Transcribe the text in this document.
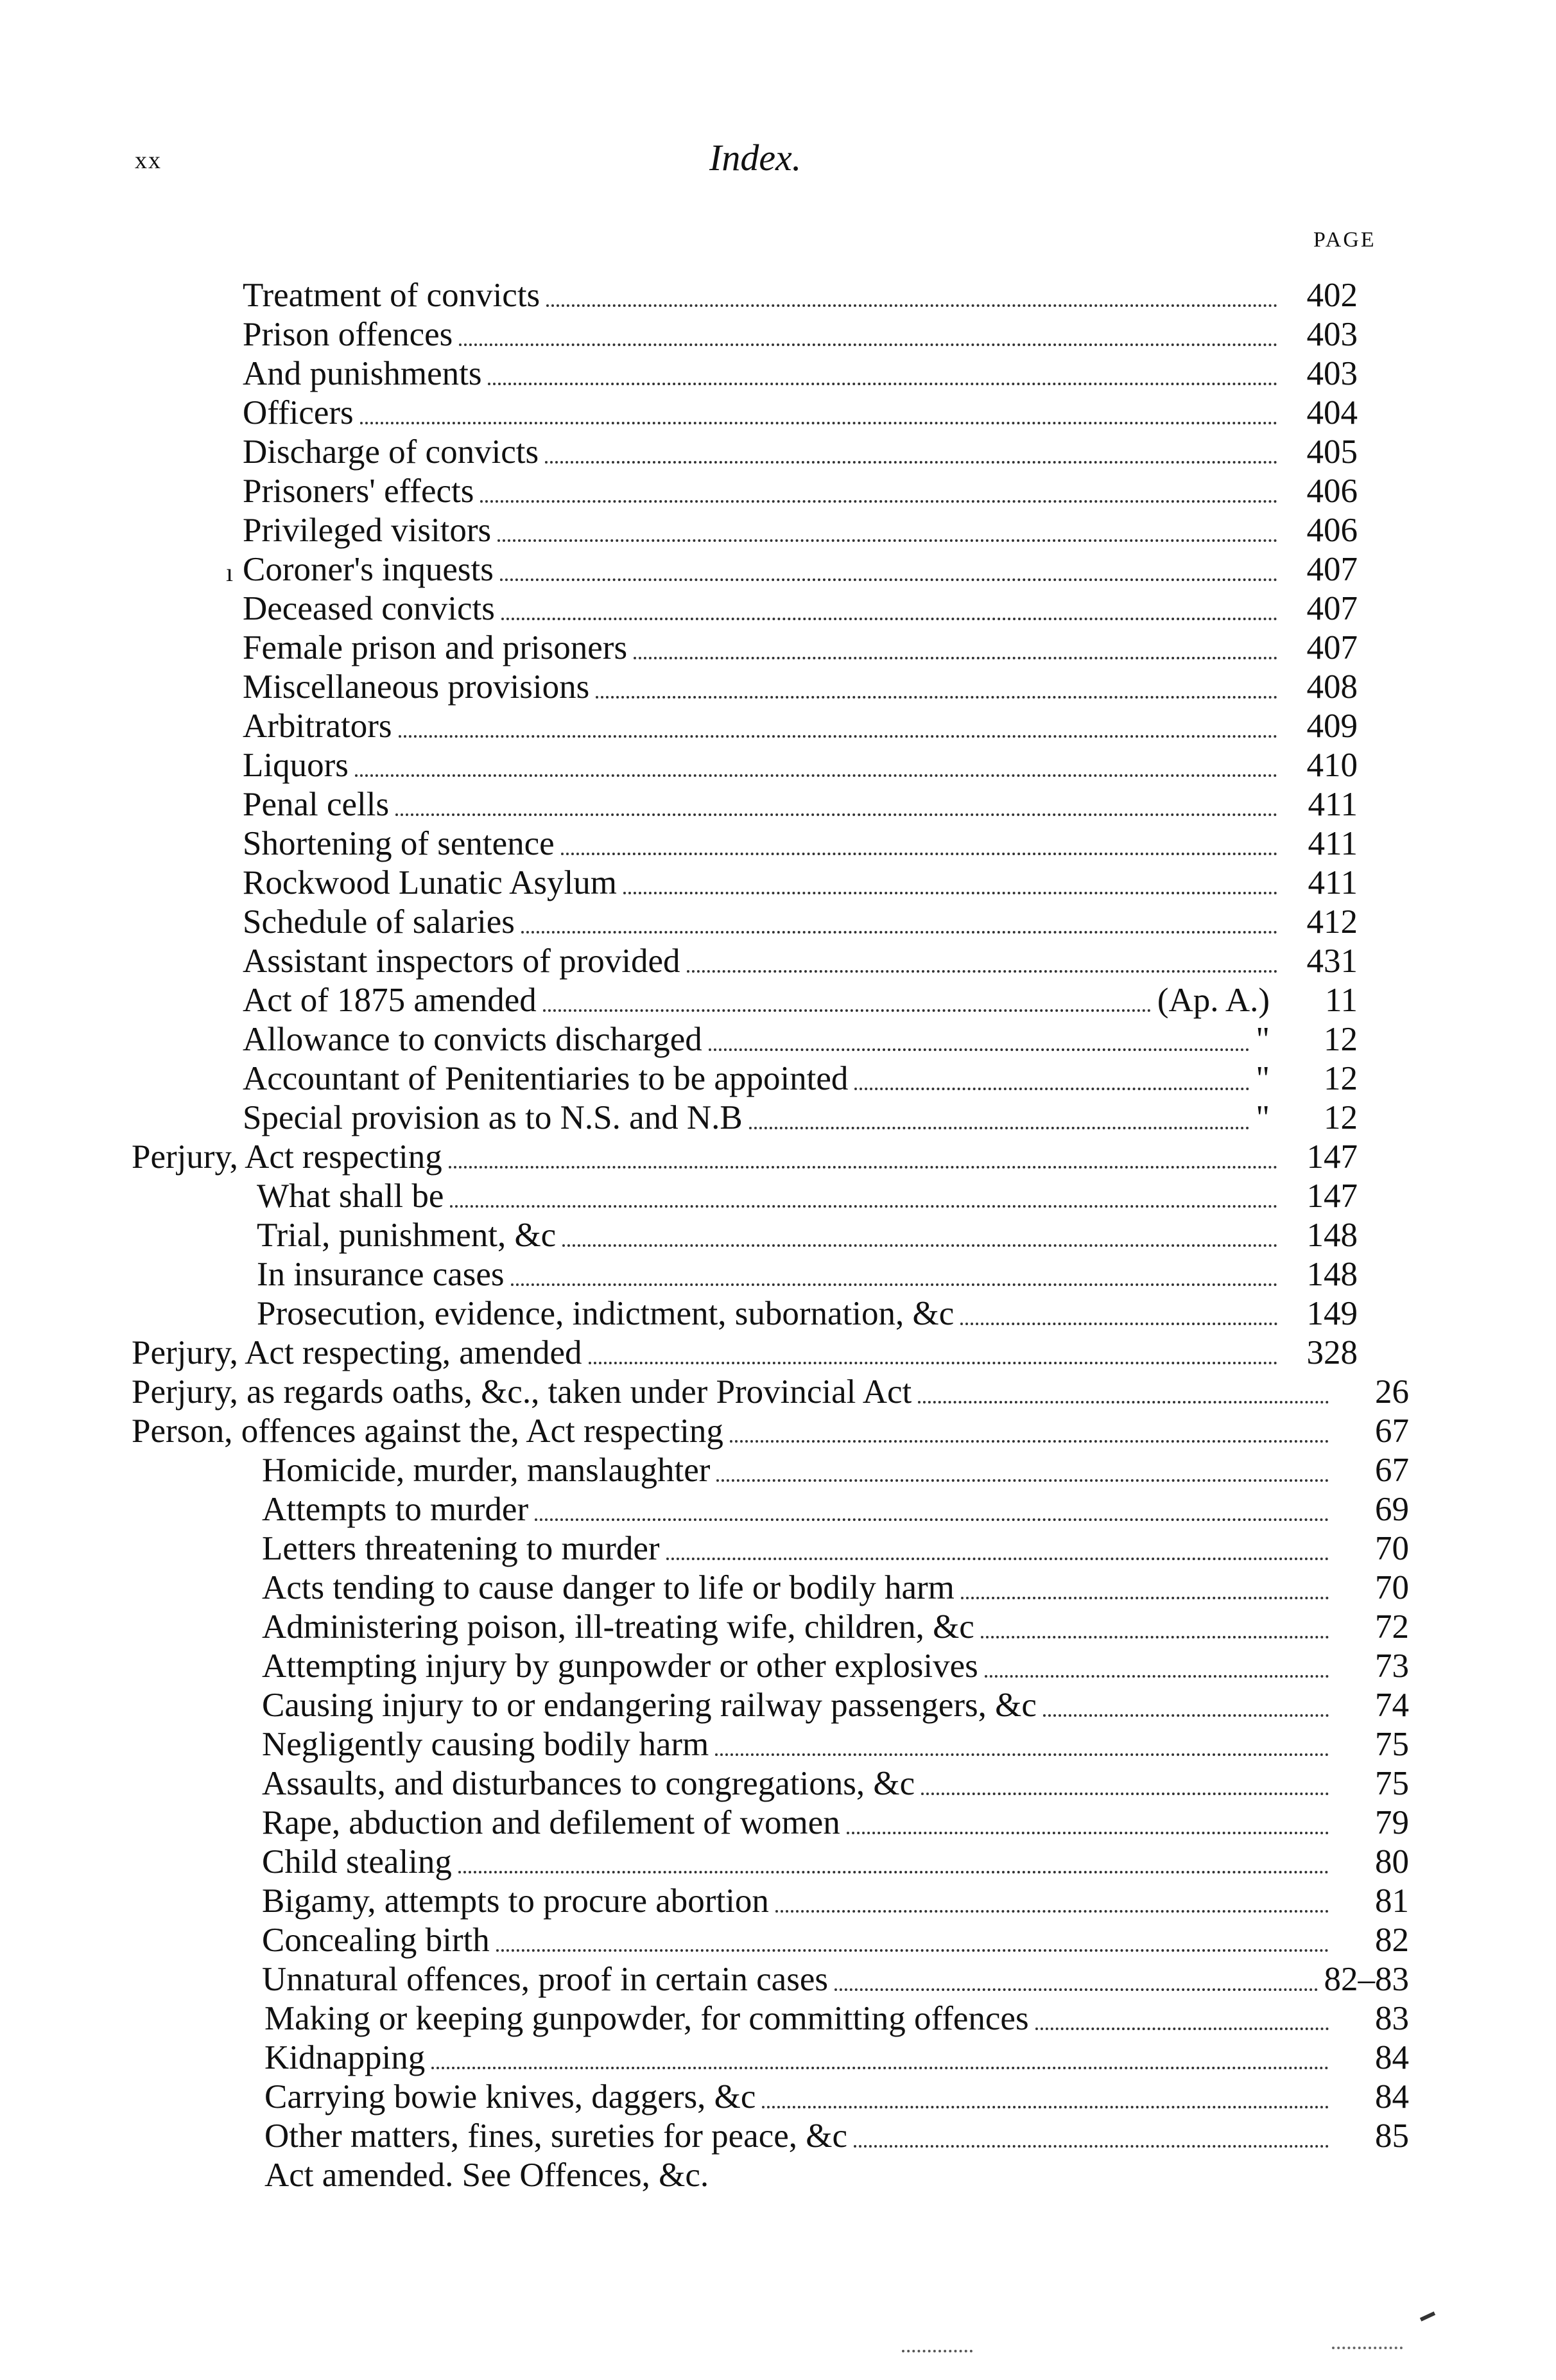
xx	Index.
PAGE
ı
Treatment of convicts	402
Prison offences	403
And punishments	403
Officers	404
Discharge of convicts	405
Prisoners' effects	406
Privileged visitors	406
Coroner's inquests	407
Deceased convicts	407
Female prison and prisoners	407
Miscellaneous provisions	408
Arbitrators	409
Liquors	410
Penal cells	411
Shortening of sentence	411
Rockwood Lunatic Asylum	411
Schedule of salaries	412
Assistant inspectors of provided	431
Act of 1875 amended	(Ap. A.)	11
Allowance to convicts discharged	"	12
Accountant of Penitentiaries to be appointed	"	12
Special provision as to N.S. and N.B	"	12
Perjury, Act respecting	147
What shall be	147
Trial, punishment, &c	148
In insurance cases	148
Prosecution, evidence, indictment, subornation, &c	149
Perjury, Act respecting, amended	328
Perjury, as regards oaths, &c., taken under Provincial Act	26
Person, offences against the, Act respecting	67
Homicide, murder, manslaughter	67
Attempts to murder	69
Letters threatening to murder	70
Acts tending to cause danger to life or bodily harm	70
Administering poison, ill-treating wife, children, &c	72
Attempting injury by gunpowder or other explosives	73
Causing injury to or endangering railway passengers, &c	74
Negligently causing bodily harm	75
Assaults, and disturbances to congregations, &c	75
Rape, abduction and defilement of women	79
Child stealing	80
Bigamy, attempts to procure abortion	81
Concealing birth	82
Unnatural offences, proof in certain cases	82–83
Making or keeping gunpowder, for committing offences	83
Kidnapping	84
Carrying bowie knives, daggers, &c	84
Other matters, fines, sureties for peace, &c	85
Act amended. See Offences, &c.
